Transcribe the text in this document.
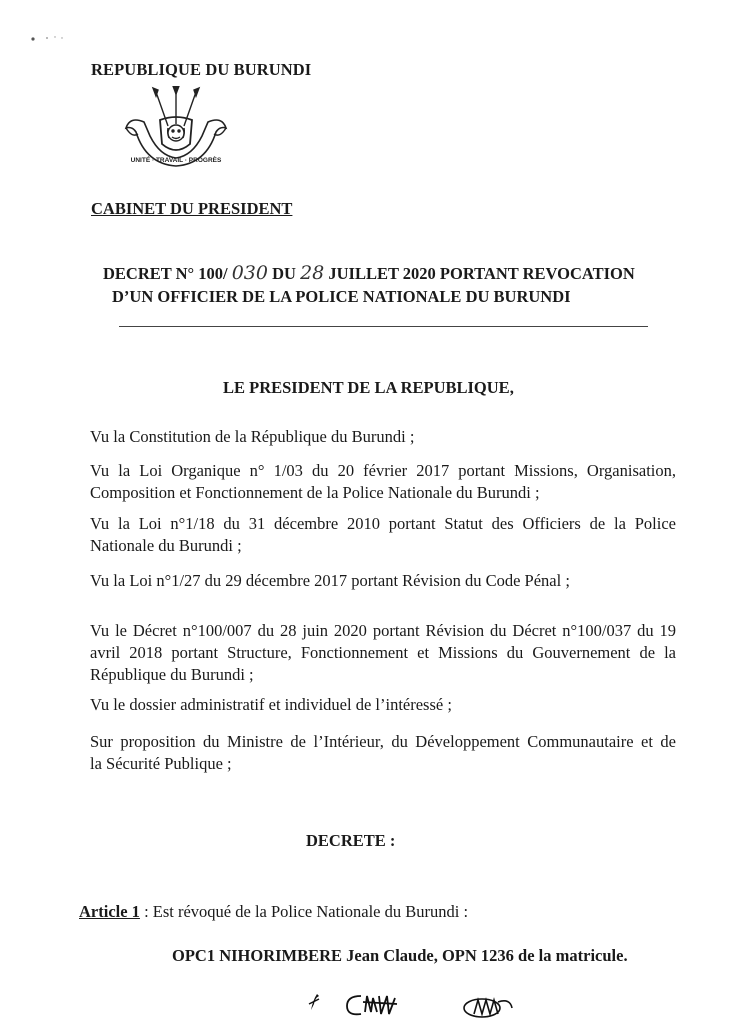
REPUBLIQUE DU BURUNDI
UNITÉ · TRAVAIL · PROGRÈS
CABINET DU PRESIDENT
DECRET N° 100/ 030 DU 28 JUILLET 2020 PORTANT REVOCATION
D’UN OFFICIER DE LA POLICE NATIONALE DU BURUNDI
LE PRESIDENT DE LA REPUBLIQUE,
Vu la Constitution de la République du Burundi ;
Vu la Loi Organique n° 1/03 du 20 février 2017 portant Missions, Organisation,
Composition et Fonctionnement de la Police Nationale du Burundi ;
Vu la Loi n°1/18 du 31 décembre 2010 portant Statut des Officiers de la Police
Nationale du Burundi ;
Vu la Loi n°1/27 du 29 décembre 2017 portant Révision du Code Pénal ;
Vu le Décret n°100/007 du 28 juin 2020 portant Révision du Décret n°100/037 du 19
avril 2018 portant Structure, Fonctionnement et Missions du Gouvernement de la
République du Burundi ;
Vu le dossier administratif et individuel de l’intéressé ;
Sur proposition du Ministre de l’Intérieur, du Développement Communautaire et de
la Sécurité Publique ;
DECRETE :
Article 1 : Est révoqué de la Police Nationale du Burundi :
OPC1 NIHORIMBERE Jean Claude, OPN 1236 de la matricule.
